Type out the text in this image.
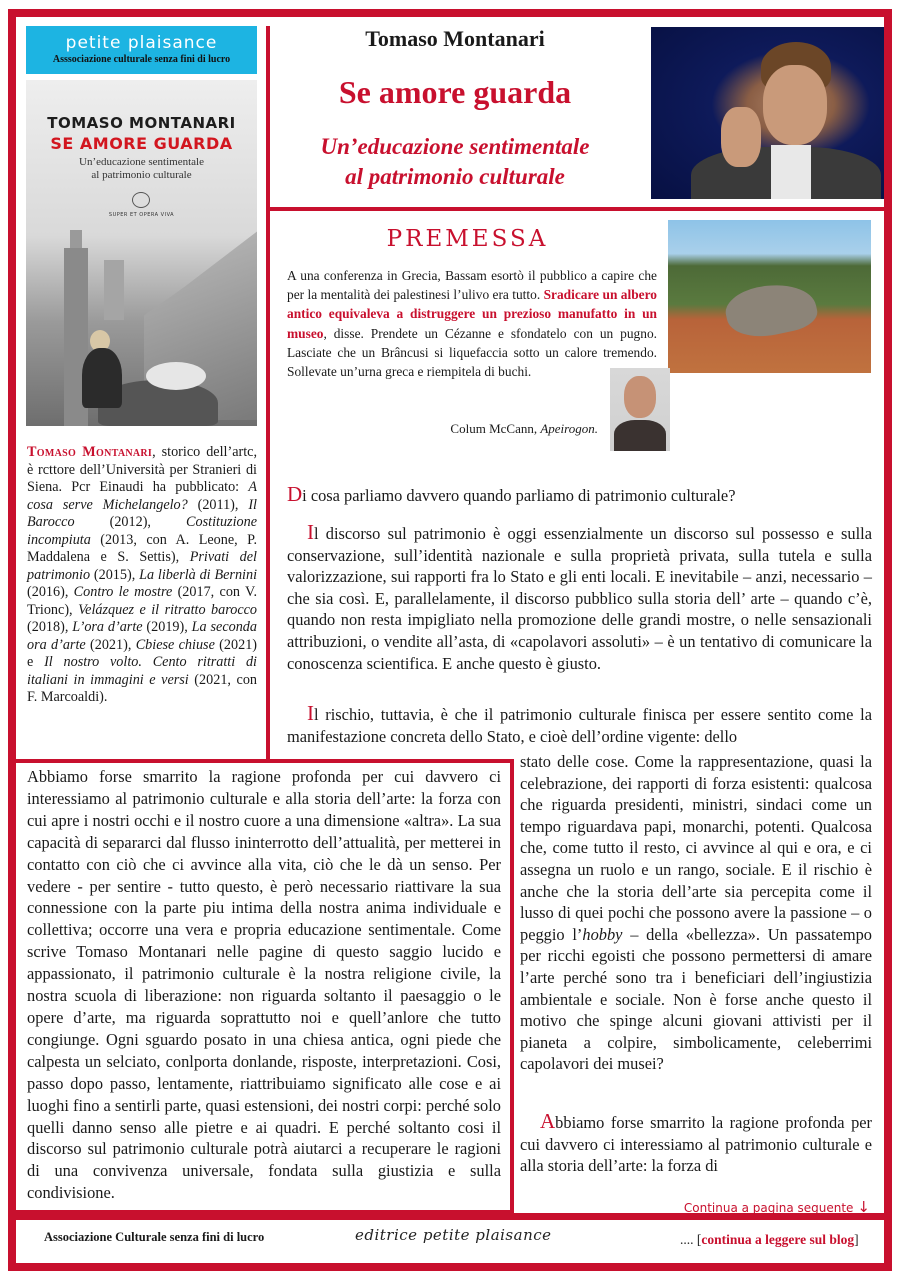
petite plaisance
Asssociazione culturale senza fini di lucro
TOMASO MONTANARI
SE AMORE GUARDA
Un’educazione sentimentale
al patrimonio culturale
SUPER ET OPERA VIVA
Tomaso Montanari, storico dell’artc, è rcttore dell’Università per Stranieri di Siena. Pcr Einaudi ha pubblicato: A cosa serve Michelangelo? (2011), Il Barocco (2012), Costituzione incompiuta (2013, con A. Leone, P. Maddalena e S. Settis), Privati del patrimonio (2015), La liberlà di Bernini (2016), Contro le mostre (2017, con V. Trionc), Velázquez e il ritratto barocco (2018), L’ora d’arte (2019), La seconda ora d’arte (2021), Cbiese chiuse (2021) e Il nostro volto. Cento ritratti di italiani in immagini e versi (2021, con F. Marcoaldi).
Tomaso Montanari
Se amore guarda
Un’educazione sentimentale
al patrimonio culturale
PREMESSA
A una conferenza in Grecia, Bassam esortò il pubblico a capire che per la mentalità dei palestinesi l’ulivo era tutto. Sradicare un albero antico equivaleva a distruggere un prezioso manufatto in un museo, disse. Prendete un Cézanne e sfondatelo con un pugno. Lasciate che un Brâncusi si liquefaccia sotto un calore tremendo. Sollevate un’urna greca e riempitela di buchi.
Colum McCann, Apeirogon.
Di cosa parliamo davvero quando parliamo di patrimonio culturale?
Il discorso sul patrimonio è oggi essenzialmente un discorso sul possesso e sulla conservazione, sull’identità nazionale e sulla proprietà privata, sulla tutela e sulla valorizzazione, sui rapporti fra lo Stato e gli enti locali. E inevitabile – anzi, necessario – che sia così. E, parallelamente, il discorso pubblico sulla storia dell’ arte – quando c’è, quando non resta impigliato nella promozione delle grandi mostre, o nelle sensazionali attribuzioni, o vendite all’asta, di «capolavori assoluti» – è un tentativo di comunicare la conoscenza scientifica. E anche questo è giusto.
Il rischio, tuttavia, è che il patrimonio culturale finisca per essere sentito come la manifestazione concreta dello Stato, e cioè dell’ordine vigente: dello
stato delle cose. Come la rappresentazione, quasi la celebrazione, dei rapporti di forza esistenti: qualcosa che riguarda presidenti, ministri, sindaci come un tempo riguardava papi, monarchi, potenti. Qualcosa che, come tutto il resto, ci avvince al qui e ora, e ci assegna un ruolo e un rango, sociale. E il rischio è anche che la storia dell’arte sia percepita come il lusso di quei pochi che possono avere la passione – o peggio l’hobby – della «bellezza». Un passatempo per ricchi egoisti che possono permettersi di amare l’arte perché sono tra i beneficiari dell’ingiustizia ambientale e sociale. Non è forse anche questo il motivo che spinge alcuni giovani attivisti per il pianeta a colpire, simbolicamente, celeberrimi capolavori dei musei?
Abbiamo forse smarrito la ragione profonda per cui davvero ci interessiamo al patrimonio culturale e alla storia dell’arte: la forza di
Continua a pagina seguente ↓
Abbiamo forse smarrito la ragione profonda per cui davvero ci interessiamo al patrimonio culturale e alla storia dell’arte: la forza con cui apre i nostri occhi e il nostro cuore a una dimensione «altra». La sua capacità di separarci dal flusso ininterrotto dell’attualità, per metterei in contatto con ciò che ci avvince alla vita, ciò che le dà un senso. Per vedere - per sentire - tutto questo, è però necessario riattivare la sua connessione con la parte piu intima della nostra anima individuale e collettiva; occorre una vera e propria educazione sentimentale. Come scrive Tomaso Montanari nelle pagine di questo saggio lucido e appassionato, il patrimonio culturale è la nostra religione civile, la nostra scuola di liberazione: non riguarda soltanto il paesaggio o le opere d’arte, ma riguarda soprattutto noi e quell’anlore che tutto congiunge. Ogni sguardo posato in una chiesa antica, ogni piede che calpesta un selciato, conlporta donlande, risposte, interpretazioni. Cosi, passo dopo passo, lentamente, riattribuiamo significato alle cose e ai luoghi fino a sentirli parte, quasi estensioni, dei nostri corpi: perché solo quelli danno senso alle pietre e ai quadri. E perché soltanto cosi il discorso sul patrimonio culturale potrà aiutarci a recuperare le ragioni di una convivenza universale, fondata sulla giustizia e sulla condivisione.
Associazione Culturale senza fini di lucro	editrice petite plaisance	.... [continua a leggere sul blog]
